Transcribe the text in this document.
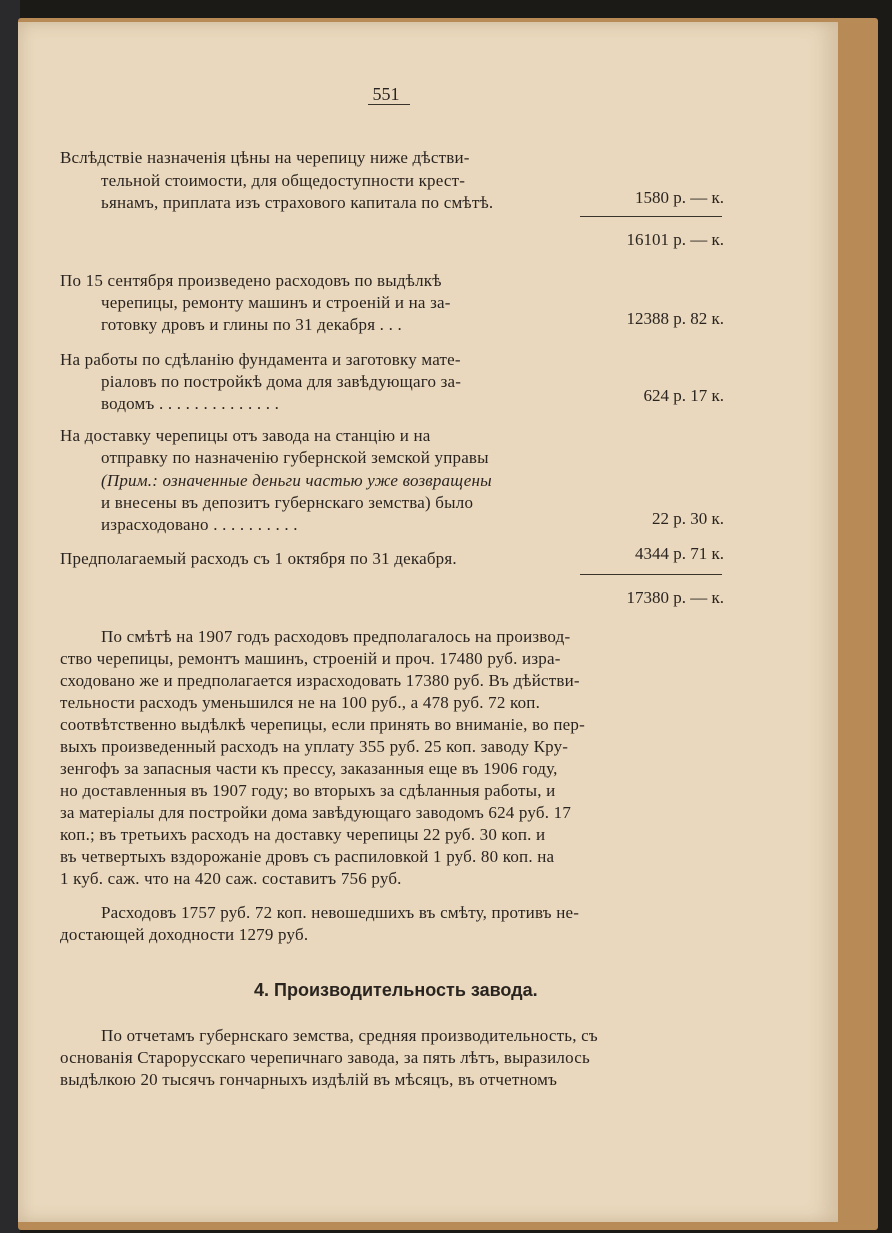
551
Вслѣдствіе назначенія цѣны на черепицу ниже дѣстви-
тельной стоимости, для общедоступности крест-
ьянамъ, приплата изъ страхового капитала по смѣтѣ.	1580 р. — к.
16101 р. — к.
По 15 сентября произведено расходовъ по выдѣлкѣ
черепицы, ремонту машинъ и строеній и на за-
готовку дровъ и глины по 31 декабря . . .	12388 р. 82 к.
На работы по сдѣланію фундамента и заготовку мате-
ріаловъ по постройкѣ дома для завѣдующаго за-
водомъ . . . . . . . . . . . . . .	624 р. 17 к.
На доставку черепицы отъ завода на станцію и на
отправку по назначенію губернской земской управы
(Прим.: означенные деньги частью уже возвращены
и внесены въ депозитъ губернскаго земства) было
израсходовано . . . . . . . . . .	22 р. 30 к.
Предполагаемый расходъ съ 1 октября по 31 декабря.	4344 р. 71 к.
17380 р. — к.
По смѣтѣ на 1907 годъ расходовъ предполагалось на производ-
ство черепицы, ремонтъ машинъ, строеній и проч. 17480 руб. изра-
сходовано же и предполагается израсходовать 17380 руб. Въ дѣйстви-
тельности расходъ уменьшился не на 100 руб., а 478 руб. 72 коп.
соотвѣтственно выдѣлкѣ черепицы, если принять во вниманіе, во пер-
выхъ произведенный расходъ на уплату 355 руб. 25 коп. заводу Кру-
зенгофъ за запасныя части къ прессу, заказанныя еще въ 1906 году,
но доставленныя въ 1907 году; во вторыхъ за сдѣланныя работы, и
за матеріалы для постройки дома завѣдующаго заводомъ 624 руб. 17
коп.; въ третьихъ расходъ на доставку черепицы 22 руб. 30 коп. и
въ четвертыхъ вздорожаніе дровъ съ распиловкой 1 руб. 80 коп. на
1 куб. саж. что на 420 саж. составитъ 756 руб.
Расходовъ 1757 руб. 72 коп. невошедшихъ въ смѣту, противъ не-
достающей доходности 1279 руб.
4. Производительность завода.
По отчетамъ губернскаго земства, средняя производительность, съ
основанія Старорусскаго черепичнаго завода, за пять лѣтъ, выразилось
выдѣлкою 20 тысячъ гончарныхъ издѣлій въ мѣсяцъ, въ отчетномъ
